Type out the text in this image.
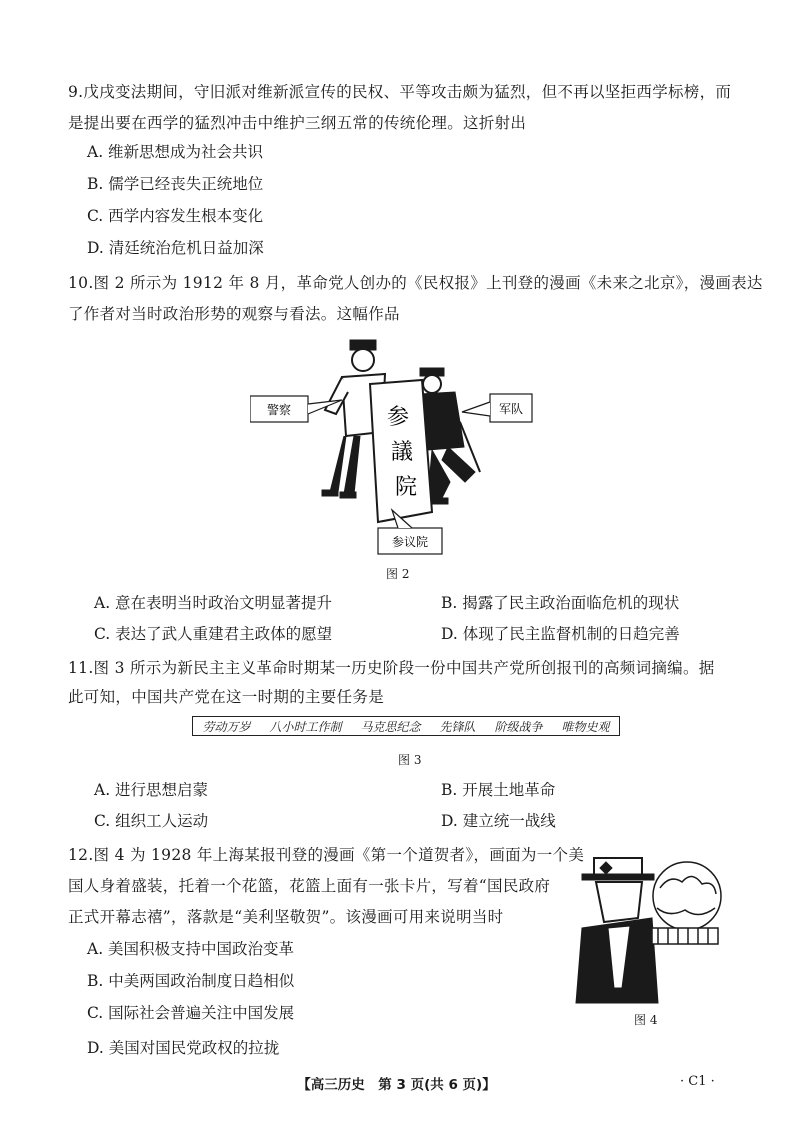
9.戊戌变法期间，守旧派对维新派宣传的民权、平等攻击颇为猛烈，但不再以坚拒西学标榜，而
是提出要在西学的猛烈冲击中维护三纲五常的传统伦理。这折射出
A. 维新思想成为社会共识
B. 儒学已经丧失正统地位
C. 西学内容发生根本变化
D. 清廷统治危机日益加深
10.图 2 所示为 1912 年 8 月，革命党人创办的《民权报》上刊登的漫画《未来之北京》，漫画表达
了作者对当时政治形势的观察与看法。这幅作品
参
議
院
警察	军队
参议院
图 2
A. 意在表明当时政治文明显著提升	B. 揭露了民主政治面临危机的现状
C. 表达了武人重建君主政体的愿望	D. 体现了民主监督机制的日趋完善
11.图 3 所示为新民主主义革命时期某一历史阶段一份中国共产党所创报刊的高频词摘编。据
此可知，中国共产党在这一时期的主要任务是
劳动万岁 八小时工作制 马克思纪念 先锋队 阶级战争 唯物史观
图 3
A. 进行思想启蒙	B. 开展土地革命
C. 组织工人运动	D. 建立统一战线
12.图 4 为 1928 年上海某报刊登的漫画《第一个道贺者》，画面为一个美
国人身着盛装，托着一个花篮，花篮上面有一张卡片，写着“国民政府
正式开幕志禧”，落款是“美利坚敬贺”。该漫画可用来说明当时
图 4
A. 美国积极支持中国政治变革
B. 中美两国政治制度日趋相似
C. 国际社会普遍关注中国发展
D. 美国对国民党政权的拉拢
【高三历史　第 3 页(共 6 页)】	· C1 ·
